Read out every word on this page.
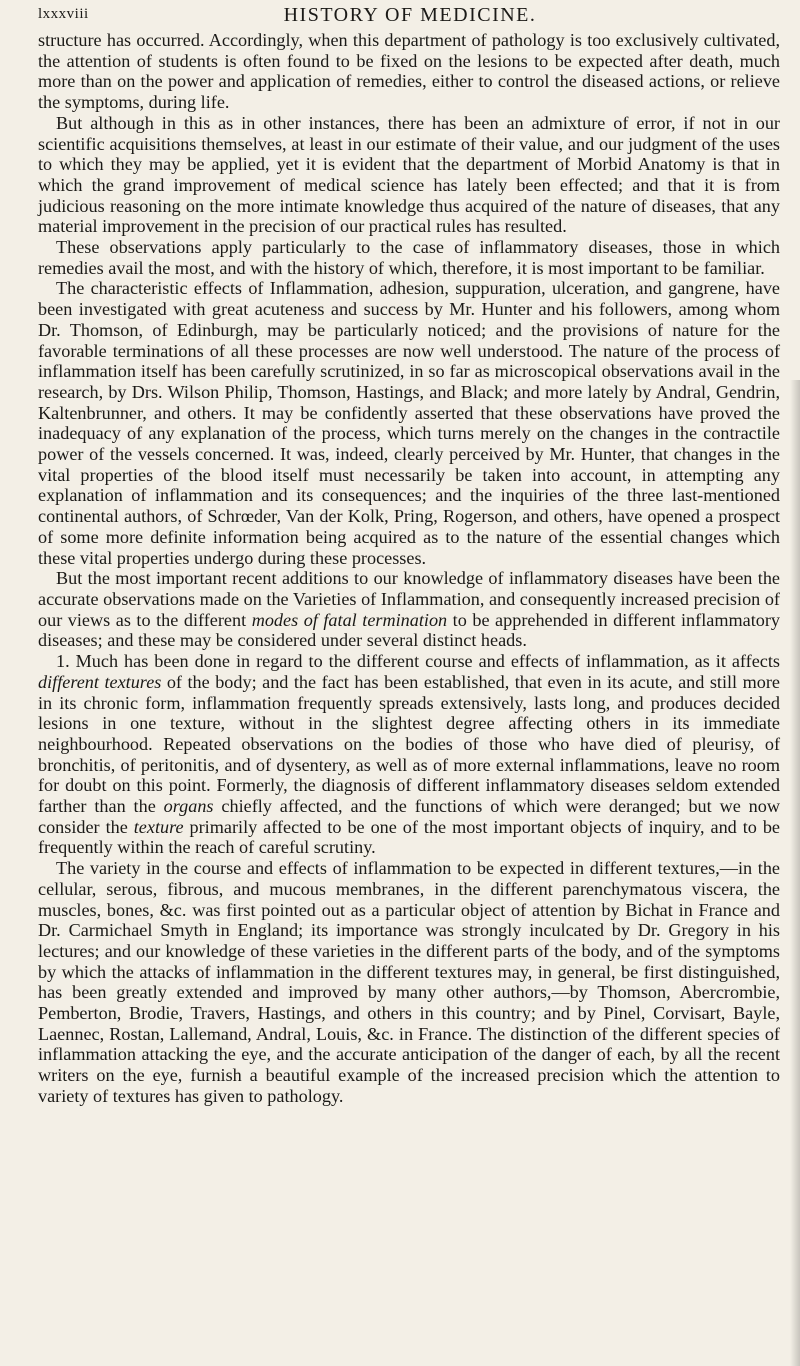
lxxxviii	HISTORY OF MEDICINE.

structure has occurred. Accordingly, when this department of pathology is too exclusively cultivated, the attention of students is often found to be fixed on the lesions to be expected after death, much more than on the power and application of remedies, either to control the diseased actions, or relieve the symptoms, during life.

But although in this as in other instances, there has been an admixture of error, if not in our scientific acquisitions themselves, at least in our estimate of their value, and our judgment of the uses to which they may be applied, yet it is evident that the department of Morbid Anatomy is that in which the grand improvement of medical science has lately been effected; and that it is from judicious reasoning on the more intimate knowledge thus acquired of the nature of diseases, that any material improvement in the precision of our practical rules has resulted.

These observations apply particularly to the case of inflammatory diseases, those in which remedies avail the most, and with the history of which, therefore, it is most important to be familiar.

The characteristic effects of Inflammation, adhesion, suppuration, ulceration, and gangrene, have been investigated with great acuteness and success by Mr. Hunter and his followers, among whom Dr. Thomson, of Edinburgh, may be particularly noticed; and the provisions of nature for the favorable terminations of all these processes are now well understood. The nature of the process of inflammation itself has been carefully scrutinized, in so far as microscopical observations avail in the research, by Drs. Wilson Philip, Thomson, Hastings, and Black; and more lately by Andral, Gendrin, Kaltenbrunner, and others. It may be confidently asserted that these observations have proved the inadequacy of any explanation of the process, which turns merely on the changes in the contractile power of the vessels concerned. It was, indeed, clearly perceived by Mr. Hunter, that changes in the vital properties of the blood itself must necessarily be taken into account, in attempting any explanation of inflammation and its consequences; and the inquiries of the three last-mentioned continental authors, of Schrœder, Van der Kolk, Pring, Rogerson, and others, have opened a prospect of some more definite information being acquired as to the nature of the essential changes which these vital properties undergo during these processes.

But the most important recent additions to our knowledge of inflammatory diseases have been the accurate observations made on the Varieties of Inflammation, and consequently increased precision of our views as to the different modes of fatal termination to be apprehended in different inflammatory diseases; and these may be considered under several distinct heads.

1. Much has been done in regard to the different course and effects of inflammation, as it affects different textures of the body; and the fact has been established, that even in its acute, and still more in its chronic form, inflammation frequently spreads extensively, lasts long, and produces decided lesions in one texture, without in the slightest degree affecting others in its immediate neighbourhood. Repeated observations on the bodies of those who have died of pleurisy, of bronchitis, of peritonitis, and of dysentery, as well as of more external inflammations, leave no room for doubt on this point. Formerly, the diagnosis of different inflammatory diseases seldom extended farther than the organs chiefly affected, and the functions of which were deranged; but we now consider the texture primarily affected to be one of the most important objects of inquiry, and to be frequently within the reach of careful scrutiny.

The variety in the course and effects of inflammation to be expected in different textures,—in the cellular, serous, fibrous, and mucous membranes, in the different parenchymatous viscera, the muscles, bones, &c. was first pointed out as a particular object of attention by Bichat in France and Dr. Carmichael Smyth in England; its importance was strongly inculcated by Dr. Gregory in his lectures; and our knowledge of these varieties in the different parts of the body, and of the symptoms by which the attacks of inflammation in the different textures may, in general, be first distinguished, has been greatly extended and improved by many other authors,—by Thomson, Abercrombie, Pemberton, Brodie, Travers, Hastings, and others in this country; and by Pinel, Corvisart, Bayle, Laennec, Rostan, Lallemand, Andral, Louis, &c. in France. The distinction of the different species of inflammation attacking the eye, and the accurate anticipation of the danger of each, by all the recent writers on the eye, furnish a beautiful example of the increased precision which the attention to variety of textures has given to pathology.
